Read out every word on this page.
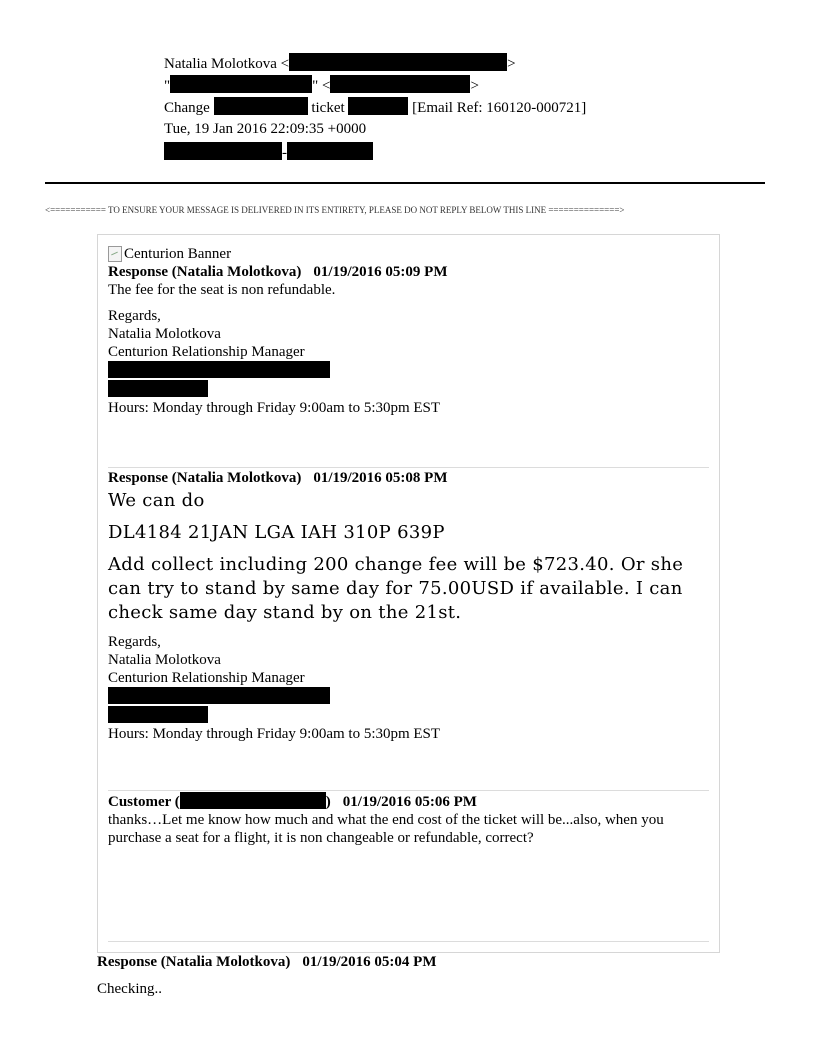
Natalia Molotkova <	>
"	" <	>
Change	ticket	[Email Ref: 160120-000721]
Tue, 19 Jan 2016 22:09:35 +0000
-
<=========== TO ENSURE YOUR MESSAGE IS DELIVERED IN ITS ENTIRETY, PLEASE DO NOT REPLY BELOW THIS LINE ==============>
Centurion Banner
Response (Natalia Molotkova) 01/19/2016 05:09 PM
The fee for the seat is non refundable.
Regards,
Natalia Molotkova
Centurion Relationship Manager
Hours: Monday through Friday 9:00am to 5:30pm EST
Response (Natalia Molotkova) 01/19/2016 05:08 PM

We can do

DL4184 21JAN LGA IAH 310P 639P

Add collect including 200 change fee will be $723.40. Or she can try to stand by same day for 75.00USD if available. I can check same day stand by on the 21st.

Regards,
Natalia Molotkova
Centurion Relationship Manager
Hours: Monday through Friday 9:00am to 5:30pm EST
Customer (	) 01/19/2016 05:06 PM
thanks…Let me know how much and what the end cost of the ticket will be...also, when you purchase a seat for a flight, it is non changeable or refundable, correct?
Response (Natalia Molotkova) 01/19/2016 05:04 PM
Checking..
